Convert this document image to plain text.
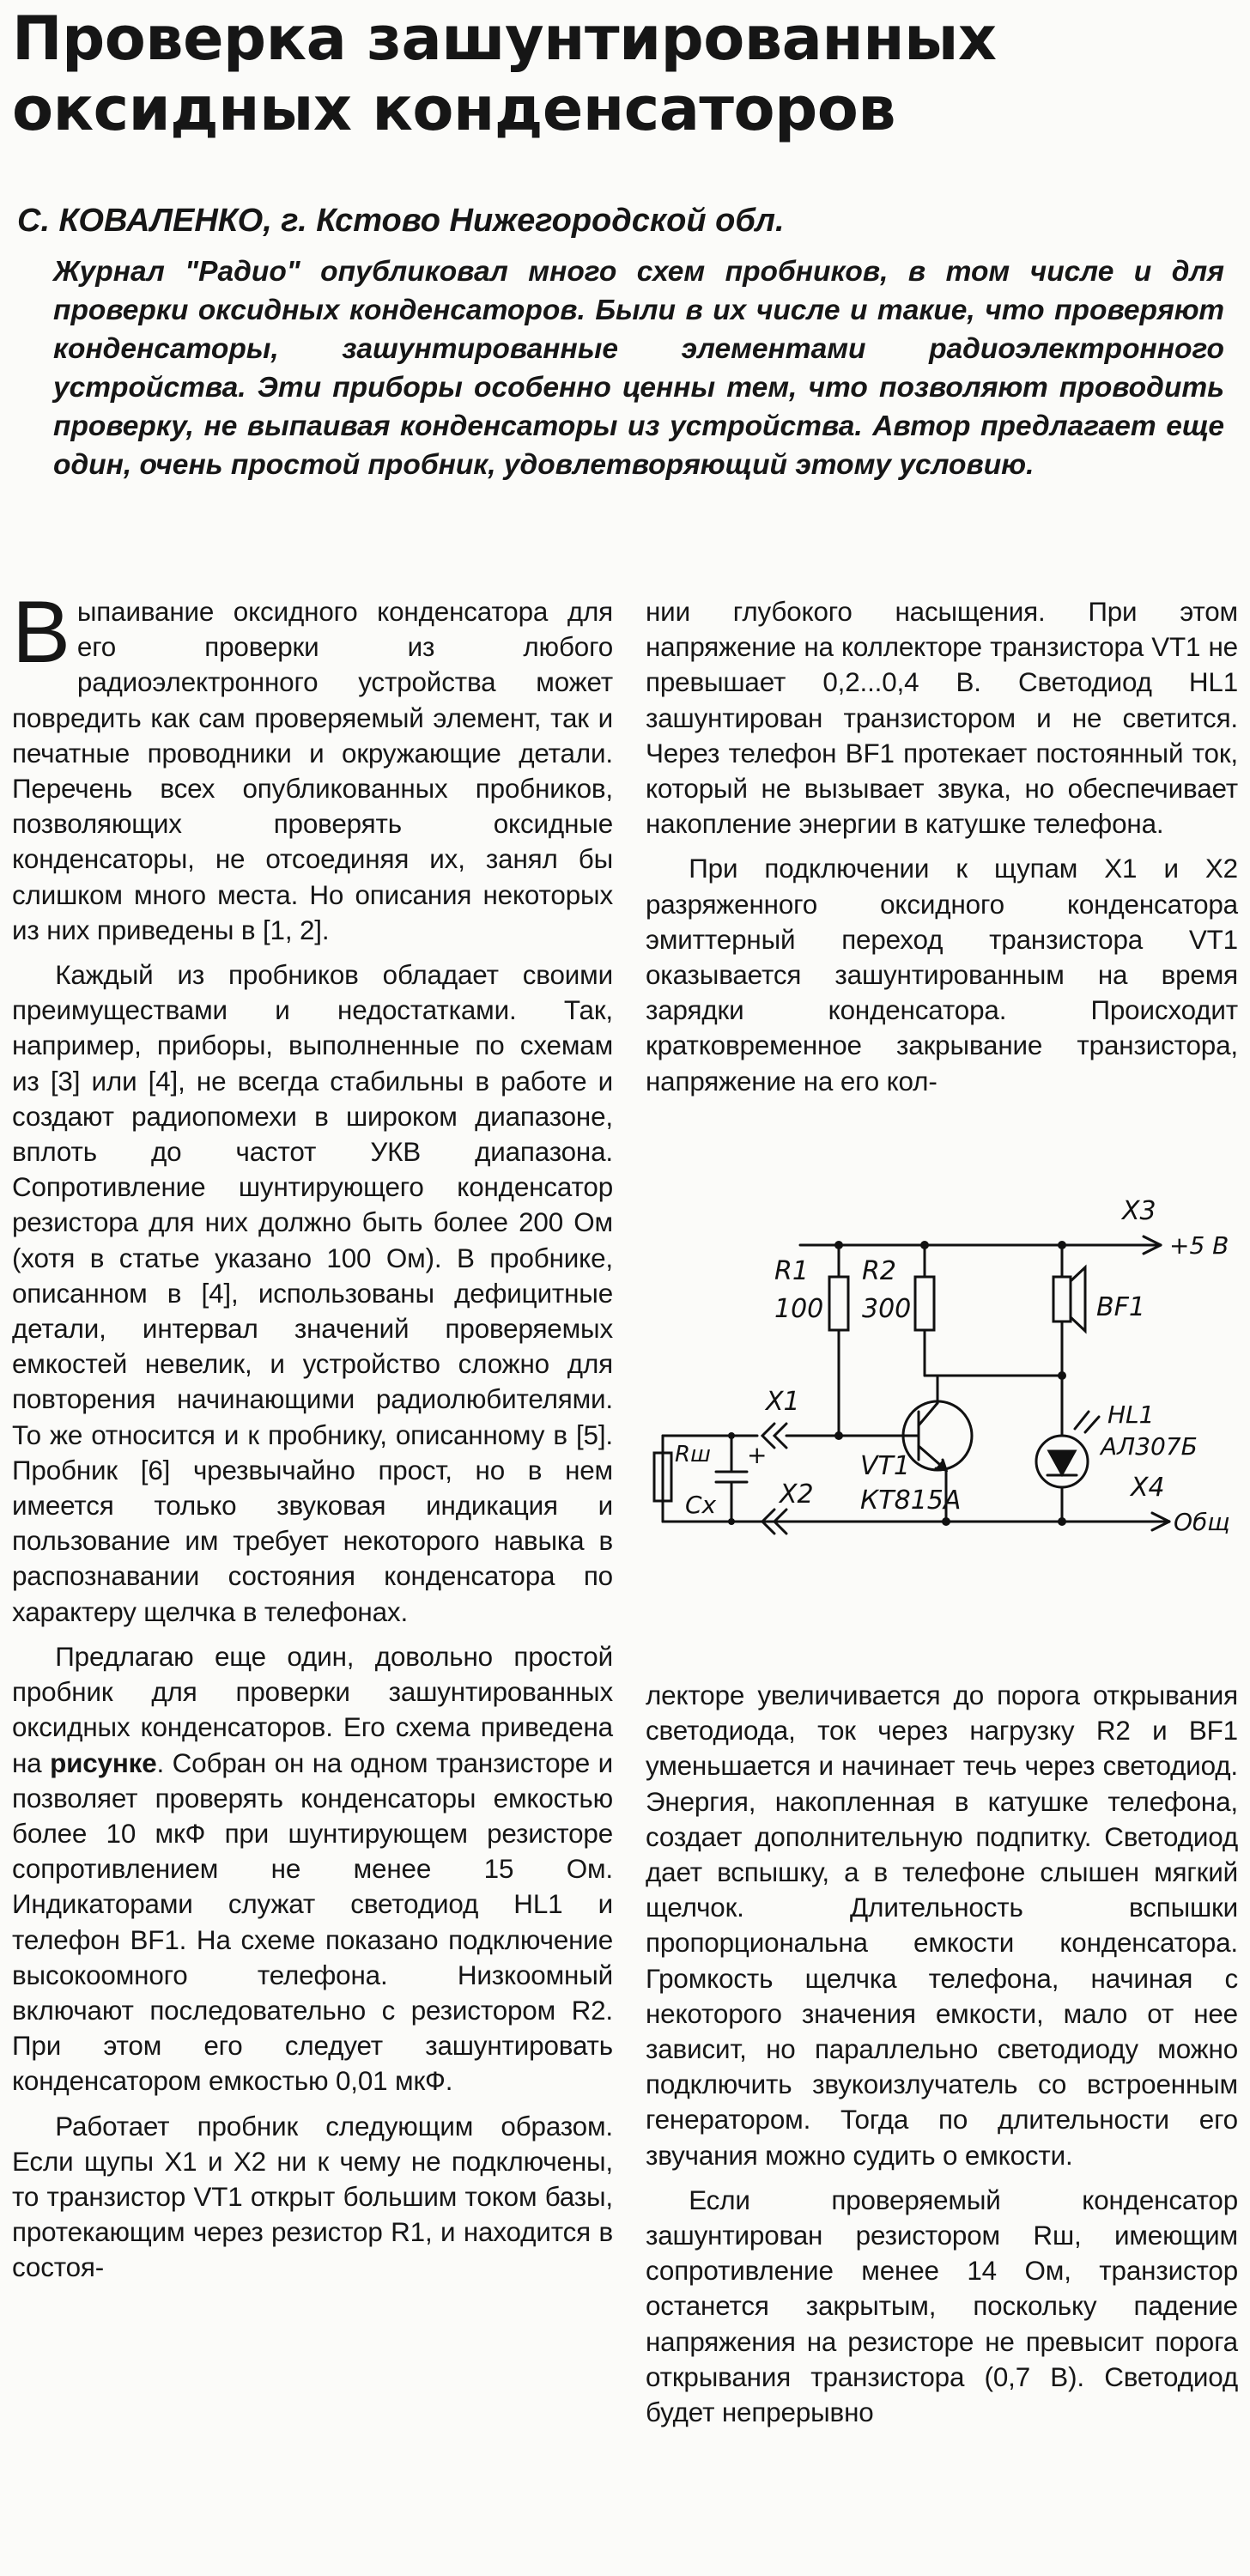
Проверка зашунтированных
оксидных конденсаторов

С. КОВАЛЕНКО, г. Кстово Нижегородской обл.

Журнал "Радио" опубликовал много схем пробников, в том числе и для проверки оксидных конденсаторов. Были в их числе и такие, что проверяют конденсаторы, зашунтированные элементами радиоэлектронного устройства. Эти приборы особенно ценны тем, что позволяют проводить проверку, не выпаивая конденсаторы из устройства. Автор предлагает еще один, очень простой пробник, удовлетворяющий этому условию.

Выпаивание оксидного конденсатора для его проверки из любого радиоэлектронного устройства может повредить как сам проверяемый элемент, так и печатные проводники и окружающие детали. Перечень всех опубликованных пробников, позволяющих проверять оксидные конденсаторы, не отсоединяя их, занял бы слишком много места. Но описания некоторых из них приведены в [1, 2].

Каждый из пробников обладает своими преимуществами и недостатками. Так, например, приборы, выполненные по схемам из [3] или [4], не всегда стабильны в работе и создают радиопомехи в широком диапазоне, вплоть до частот УКВ диапазона. Сопротивление шунтирующего конденсатор резистора для них должно быть более 200 Ом (хотя в статье указано 100 Ом). В пробнике, описанном в [4], использованы дефицитные детали, интервал значений проверяемых емкостей невелик, и устройство сложно для повторения начинающими радиолюбителями. То же относится и к пробнику, описанному в [5]. Пробник [6] чрезвычайно прост, но в нем имеется только звуковая индикация и пользование им требует некоторого навыка в распознавании состояния конденсатора по характеру щелчка в телефонах.

Предлагаю еще один, довольно простой пробник для проверки зашунтированных оксидных конденсаторов. Его схема приведена на рисунке. Собран он на одном транзисторе и позволяет проверять конденсаторы емкостью более 10 мкФ при шунтирующем резисторе сопротивлением не менее 15 Ом. Индикаторами служат светодиод HL1 и телефон BF1. На схеме показано подключение высокоомного телефона. Низкоомный включают последовательно с резистором R2. При этом его следует зашунтировать конденсатором емкостью 0,01 мкФ.

Работает пробник следующим образом. Если щупы X1 и X2 ни к чему не подключены, то транзистор VT1 открыт большим током базы, протекающим через резистор R1, и находится в состоя-

нии глубокого насыщения. При этом напряжение на коллекторе транзистора VT1 не превышает 0,2...0,4 В. Светодиод HL1 зашунтирован транзистором и не светится. Через телефон BF1 протекает постоянный ток, который не вызывает звука, но обеспечивает накопление энергии в катушке телефона.

При подключении к щупам X1 и X2 разряженного оксидного конденсатора эмиттерный переход транзистора VT1 оказывается зашунтированным на время зарядки конденсатора. Происходит кратковременное закрывание транзистора, напряжение на его кол-

X3
+5 В
R1
100
R2
300	BF1
X1	HL1
АЛ307Б
VT1
КТ815А
Rш +
Cx X2	X4
Общ

лекторе увеличивается до порога открывания светодиода, ток через нагрузку R2 и BF1 уменьшается и начинает течь через светодиод. Энергия, накопленная в катушке телефона, создает дополнительную подпитку. Светодиод дает вспышку, а в телефоне слышен мягкий щелчок. Длительность вспышки пропорциональна емкости конденсатора. Громкость щелчка телефона, начиная с некоторого значения емкости, мало от нее зависит, но параллельно светодиоду можно подключить звукоизлучатель со встроенным генератором. Тогда по длительности его звучания можно судить о емкости.

Если проверяемый конденсатор зашунтирован резистором Rш, имеющим сопротивление менее 14 Ом, транзистор останется закрытым, поскольку падение напряжения на резисторе не превысит порога открывания транзистора (0,7 В). Светодиод будет непрерывно
